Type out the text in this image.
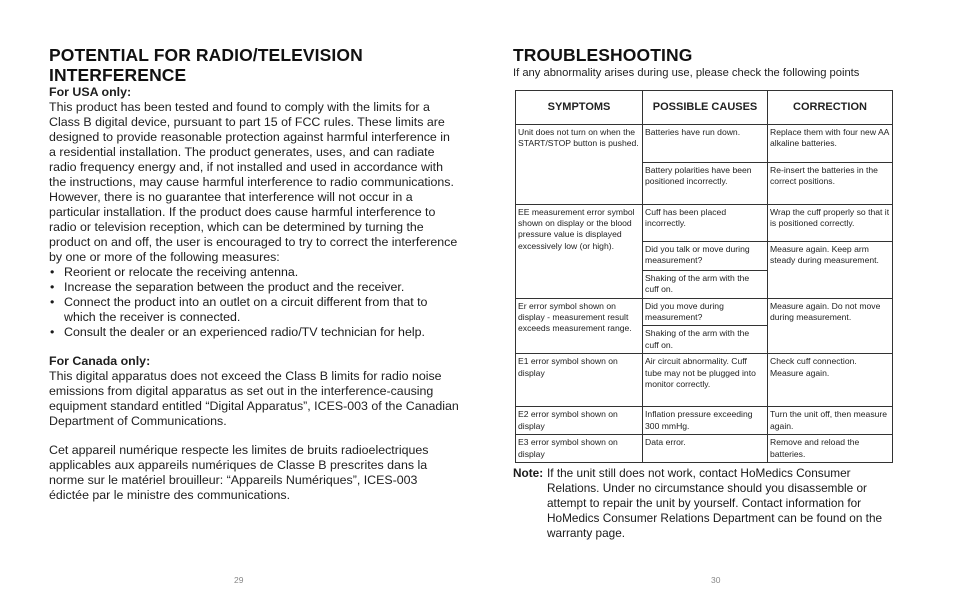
POTENTIAL FOR RADIO/TELEVISION INTERFERENCE

For USA only:

This product has been tested and found to comply with the limits for a Class B digital device, pursuant to part 15 of FCC rules. These limits are designed to provide reasonable protection against harmful interference in a residential installation. The product generates, uses, and can radiate radio frequency energy and, if not installed and used in accordance with the instructions, may cause harmful interference to radio communications. However, there is no guarantee that interference will not occur in a particular installation. If the product does cause harmful interference to radio or television reception, which can be determined by turning the product on and off, the user is encouraged to try to correct the interference by one or more of the following measures:

• Reorient or relocate the receiving antenna.
• Increase the separation between the product and the receiver.
• Connect the product into an outlet on a circuit different from that to which the receiver is connected.
• Consult the dealer or an experienced radio/TV technician for help.

For Canada only:

This digital apparatus does not exceed the Class B limits for radio noise emissions from digital apparatus as set out in the interference-causing equipment standard entitled “Digital Apparatus”, ICES-003 of the Canadian Department of Communications.

Cet appareil numérique respecte les limites de bruits radioelectriques applicables aux appareils numériques de Classe B prescrites dans la norme sur le matériel brouilleur: “Appareils Numériques”, ICES-003 édictée par le ministre des communications.

29
TROUBLESHOOTING

If any abnormality arises during use, please check the following points

SYMPTOMS	POSSIBLE CAUSES	CORRECTION
Unit does not turn on when the START/STOP button is pushed.	Batteries have run down.	Replace them with four new AA alkaline batteries.
	Battery polarities have been positioned incorrectly.	Re-insert the batteries in the correct positions.
EE measurement error symbol shown on display or the blood pressure value is displayed excessively low (or high).	Cuff has been placed incorrectly.	Wrap the cuff properly so that it is positioned correctly.
	Did you talk or move during measurement?	Measure again. Keep arm steady during measurement.
	Shaking of the arm with the cuff on.	
Er error symbol shown on display - measurement result exceeds measurement range.	Did you move during measurement?	Measure again. Do not move during measurement.
	Shaking of the arm with the cuff on.	
E1 error symbol shown on display	Air circuit abnormality. Cuff tube may not be plugged into monitor correctly.	Check cuff connection. Measure again.
E2 error symbol shown on display	Inflation pressure exceeding 300 mmHg.	Turn the unit off, then measure again.
E3 error symbol shown on display	Data error.	Remove and reload the batteries.
Note: If the unit still does not work, contact HoMedics Consumer Relations. Under no circumstance should you disassemble or attempt to repair the unit by yourself. Contact information for HoMedics Consumer Relations Department can be found on the warranty page.
30
